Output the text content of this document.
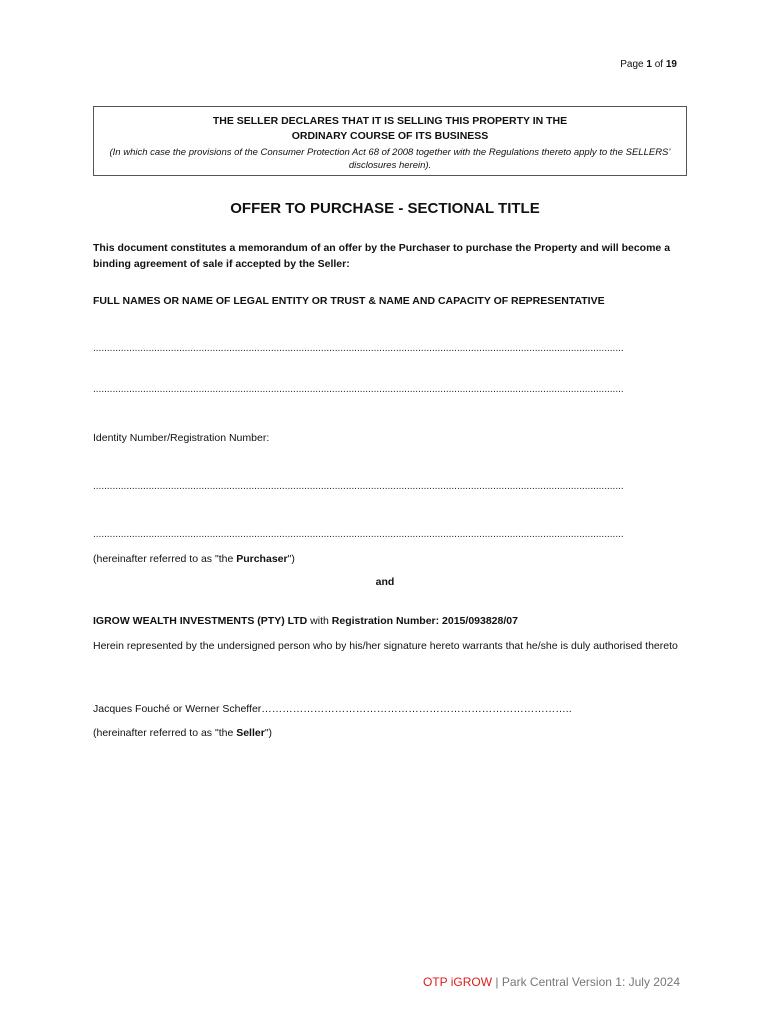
Page 1 of 19
THE SELLER DECLARES THAT IT IS SELLING THIS PROPERTY IN THE
ORDINARY COURSE OF ITS BUSINESS
(In which case the provisions of the Consumer Protection Act 68 of 2008 together with the Regulations thereto apply to the SELLERS’ disclosures herein).
OFFER TO PURCHASE - SECTIONAL TITLE
This document constitutes a memorandum of an offer by the Purchaser to purchase the Property and will become a binding agreement of sale if accepted by the Seller:
FULL NAMES OR NAME OF LEGAL ENTITY OR TRUST & NAME AND CAPACITY OF REPRESENTATIVE
...............................................................................................................................................................................................
...............................................................................................................................................................................................
Identity Number/Registration Number:
...............................................................................................................................................................................................
...............................................................................................................................................................................................
(hereinafter referred to as "the Purchaser")
and
IGROW WEALTH INVESTMENTS (PTY) LTD with Registration Number: 2015/093828/07
Herein represented by the undersigned person who by his/her signature hereto warrants that he/she is duly authorised thereto
Jacques Fouché or Werner Scheffer……………………………………………………………………………..
(hereinafter referred to as "the Seller")
OTP iGROW | Park Central Version 1: July 2024
